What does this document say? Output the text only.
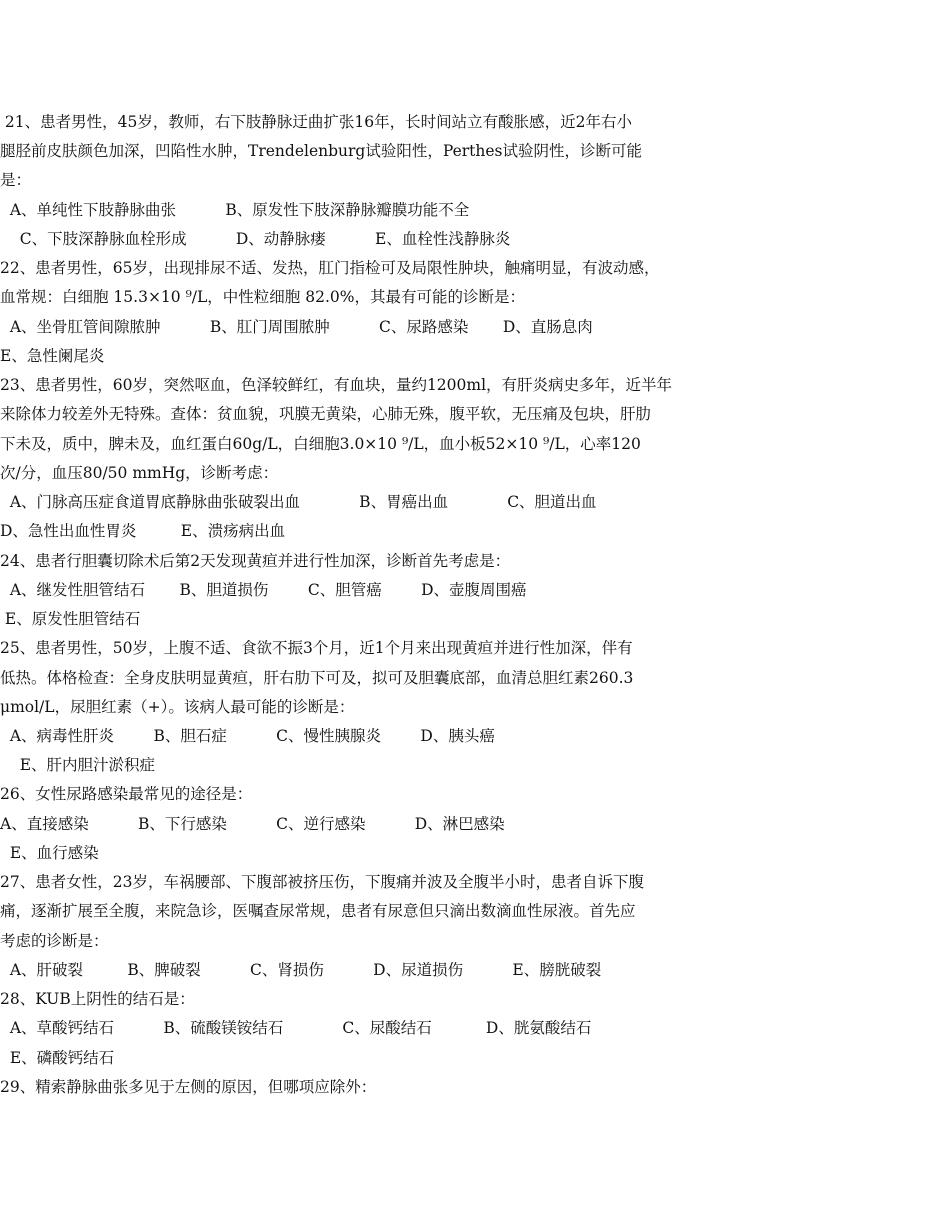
21、患者男性，45岁，教师，右下肢静脉迂曲扩张16年，长时间站立有酸胀感，近2年右小
腿胫前皮肤颜色加深，凹陷性水肿，Trendelenburg试验阳性，Perthes试验阴性，诊断可能
是：
A、单纯性下肢静脉曲张          B、原发性下肢深静脉瓣膜功能不全
C、下肢深静脉血栓形成          D、动静脉瘘          E、血栓性浅静脉炎
22、患者男性，65岁，出现排尿不适、发热，肛门指检可及局限性肿块，触痛明显，有波动感，
血常规：白细胞 15.3×10 ⁹/L，中性粒细胞 82.0%，其最有可能的诊断是：
A、坐骨肛管间隙脓肿          B、肛门周围脓肿          C、尿路感染       D、直肠息肉
E、急性阑尾炎
23、患者男性，60岁，突然呕血，色泽较鲜红，有血块，量约1200ml，有肝炎病史多年，近半年
来除体力较差外无特殊。查体：贫血貌，巩膜无黄染，心肺无殊，腹平软，无压痛及包块，肝肋
下未及，质中，脾未及，血红蛋白60g/L，白细胞3.0×10 ⁹/L，血小板52×10 ⁹/L，心率120
次/分，血压80/50 mmHg，诊断考虑：
A、门脉高压症食道胃底静脉曲张破裂出血            B、胃癌出血            C、胆道出血
D、急性出血性胃炎         E、溃疡病出血
24、患者行胆囊切除术后第2天发现黄疸并进行性加深，诊断首先考虑是：
A、继发性胆管结石       B、胆道损伤        C、胆管癌        D、壶腹周围癌
E、原发性胆管结石
25、患者男性，50岁，上腹不适、食欲不振3个月，近1个月来出现黄疸并进行性加深，伴有
低热。体格检查：全身皮肤明显黄疸，肝右肋下可及，拟可及胆囊底部，血清总胆红素260.3
μmol/L，尿胆红素（+）。该病人最可能的诊断是：
A、病毒性肝炎        B、胆石症          C、慢性胰腺炎        D、胰头癌
E、肝内胆汁淤积症
26、女性尿路感染最常见的途径是：
A、直接感染          B、下行感染          C、逆行感染          D、淋巴感染
E、血行感染
27、患者女性，23岁，车祸腰部、下腹部被挤压伤，下腹痛并波及全腹半小时，患者自诉下腹
痛，逐渐扩展至全腹，来院急诊，医嘱查尿常规，患者有尿意但只滴出数滴血性尿液。首先应
考虑的诊断是：
A、肝破裂         B、脾破裂          C、肾损伤          D、尿道损伤          E、膀胱破裂
28、KUB上阴性的结石是：
A、草酸钙结石          B、硫酸镁铵结石            C、尿酸结石           D、胱氨酸结石
E、磷酸钙结石
29、精索静脉曲张多见于左侧的原因，但哪项应除外：
